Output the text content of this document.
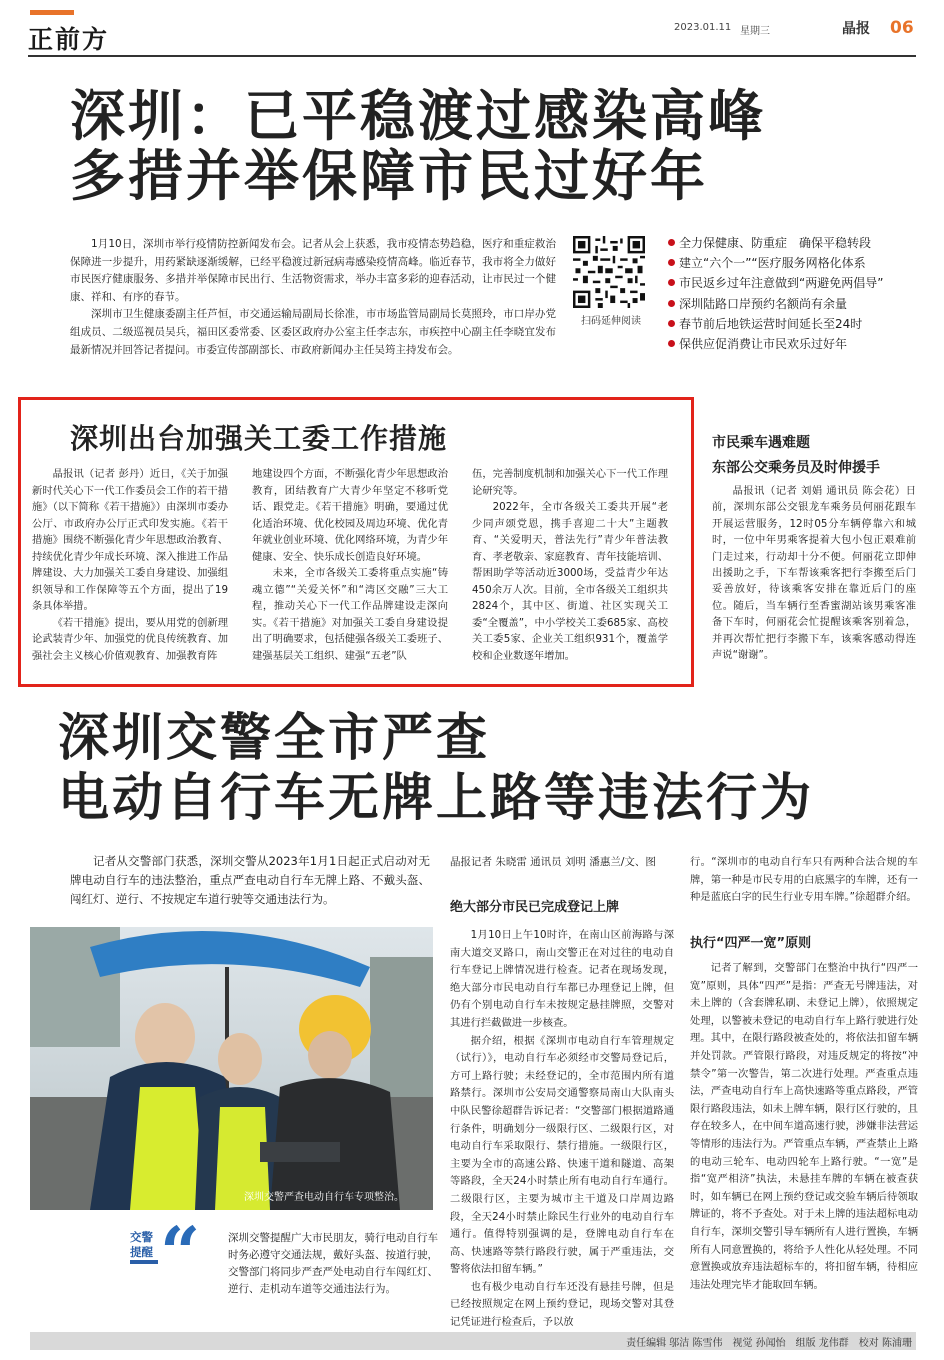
正前方	2023.01.11 星期三	晶报 06
深圳：已平稳渡过感染高峰
多措并举保障市民过好年

1月10日，深圳市举行疫情防控新闻发布会。记者从会上获悉，我市疫情态势趋稳，医疗和重症救治保障进一步提升，用药紧缺逐渐缓解，已经平稳渡过新冠病毒感染疫情高峰。临近春节，我市将全力做好市民医疗健康服务、多措并举保障市民出行、生活物资需求，举办丰富多彩的迎春活动，让市民过一个健康、祥和、有序的春节。

深圳市卫生健康委副主任芦恒，市交通运输局副局长徐准，市市场监管局副局长莫照玲，市口岸办党组成员、二级巡视员吴兵，福田区委常委、区委区政府办公室主任李志东，市疾控中心副主任李晓宜发布最新情况并回答记者提问。市委宣传部副部长、市政府新闻办主任吴筠主持发布会。

扫码延伸阅读
全力保健康、防重症　确保平稳转段
建立“六个一”“医疗服务网格化体系
市民返乡过年注意做到“两避免两倡导”
深圳陆路口岸预约名额尚有余量
春节前后地铁运营时间延长至24时
保供应促消费让市民欢乐过好年
深圳出台加强关工委工作措施

晶报讯（记者 彭丹）近日，《关于加强新时代关心下一代工作委员会工作的若干措施》（以下简称《若干措施》）由深圳市委办公厅、市政府办公厅正式印发实施。《若干措施》围绕不断强化青少年思想政治教育、持续优化青少年成长环境、深入推进工作品牌建设、大力加强关工委自身建设、加强组织领导和工作保障等五个方面，提出了19条具体举措。

《若干措施》提出，要从用党的创新理论武装青少年、加强党的优良传统教育、加强社会主义核心价值观教育、加强教育阵

地建设四个方面，不断强化青少年思想政治教育，团结教育广大青少年坚定不移听党话、跟党走。《若干措施》明确，要通过优化适治环境、优化校园及周边环境、优化青年就业创业环境、优化网络环境，为青少年健康、安全、快乐成长创造良好环境。

未来，全市各级关工委将重点实施“铸魂立德”“关爱关怀”和“湾区交融”三大工程，推动关心下一代工作品牌建设走深向实。《若干措施》对加强关工委自身建设提出了明确要求，包括健强各级关工委班子、建强基层关工组织、建强“五老”队

伍，完善制度机制和加强关心下一代工作理论研究等。

2022年，全市各级关工委共开展“老少同声颂党恩，携手喜迎二十大”主题教育、“关爱明天，普法先行”青少年普法教育、孝老敬亲、家庭教育、青年技能培训、帮困助学等活动近3000场，受益青少年达450余万人次。目前，全市各级关工组织共2824个，其中区、街道、社区实现关工委“全覆盖”，中小学校关工委685家、高校关工委5家、企业关工组织931个，覆盖学校和企业数逐年增加。

市民乘车遇难题
东部公交乘务员及时伸援手

晶报讯（记者 刘娟 通讯员 陈会花）日前，深圳东部公交银龙车乘务员何丽花跟车开展运营服务，12时05分车辆停靠六和城时，一位中年男乘客提着大包小包正艰难前门走过来，行动却十分不便。何丽花立即伸出援助之手，下车帮该乘客把行李搬至后门妥善放好，待该乘客安排在靠近后门的座位。随后，当车辆行至香蜜湖站该男乘客准备下车时，何丽花会忙提醒该乘客别着急，并再次帮忙把行李搬下车，该乘客感动得连声说“谢谢”。

深圳交警全市严查
电动自行车无牌上路等违法行为

记者从交警部门获悉，深圳交警从2023年1月1日起正式启动对无牌电动自行车的违法整治，重点严查电动自行车无牌上路、不戴头盔、闯红灯、逆行、不按规定车道行驶等交通违法行为。

晶报记者 朱晓雷 通讯员 刘明 潘惠兰/文、图
深圳交警严查电动自行车专项整治。
交警
提醒 “	深圳交警提醒广大市民朋友，骑行电动自行车时务必遵守交通法规，戴好头盔、按道行驶，交警部门将同步严查严处电动自行车闯红灯、逆行、走机动车道等交通违法行为。
绝大部分市民已完成登记上牌

1月10日上午10时许，在南山区前海路与深南大道交叉路口，南山交警正在对过往的电动自行车登记上牌情况进行检查。记者在现场发现，绝大部分市民电动自行车都已办理登记上牌，但仍有个别电动自行车未按规定悬挂牌照，交警对其进行拦截做进一步核查。

据介绍，根据《深圳市电动自行车管理规定（试行）》，电动自行车必须经市交警局登记后，方可上路行驶；未经登记的，全市范围内所有道路禁行。深圳市公安局交通警察局南山大队南头中队民警徐超群告诉记者：“交警部门根据道路通行条件，明确划分一级限行区、二级限行区，对电动自行车采取限行、禁行措施。一级限行区，主要为全市的高速公路、快速干道和隧道、高架等路段，全天24小时禁止所有电动自行车通行。二级限行区，主要为城市主干道及口岸周边路段，全天24小时禁止除民生行业外的电动自行车通行。值得特别强调的是，登牌电动自行车在高、快速路等禁行路段行驶，属于严重违法，交警将依法扣留车辆。”

也有极少电动自行车还没有悬挂号牌，但是已经按照规定在网上预约登记，现场交警对其登记凭证进行检查后，予以放

行。“深圳市的电动自行车只有两种合法合规的车牌，第一种是市民专用的白底黑字的车牌，还有一种是蓝底白字的民生行业专用车牌。”徐超群介绍。

执行“四严一宽”原则

记者了解到，交警部门在整治中执行“四严一宽”原则，具体“四严”是指：严查无号牌违法，对未上牌的（含套牌私刷、未登记上牌），依照规定处理，以警被未登记的电动自行车上路行驶进行处理。其中，在限行路段被查处的，将依法扣留车辆并处罚款。严管限行路段，对违反规定的将按“冲禁令”第一次警告，第二次进行处理。严查重点违法，严查电动自行车上高快速路等重点路段，严管限行路段违法，如未上牌车辆，限行区行驶的，且存在较多人，在中间车道高速行驶，涉嫌非法营运等情形的违法行为。严管重点车辆，严查禁止上路的电动三轮车、电动四轮车上路行驶。“一宽”是指“宽严相济”执法，未悬挂车牌的车辆在被查获时，如车辆已在网上预约登记或交验车辆后待领取牌证的，将不予查处。对于未上牌的违法超标电动自行车，深圳交警引导车辆所有人进行置换，车辆所有人同意置换的，将给予人性化从轻处理。不同意置换或放弃违法超标车的，将扣留车辆，待相应违法处理完毕才能取回车辆。

责任编辑 邬洁 陈雪伟　视觉 孙闻怡　组版 龙伟群　校对 陈浦珊
